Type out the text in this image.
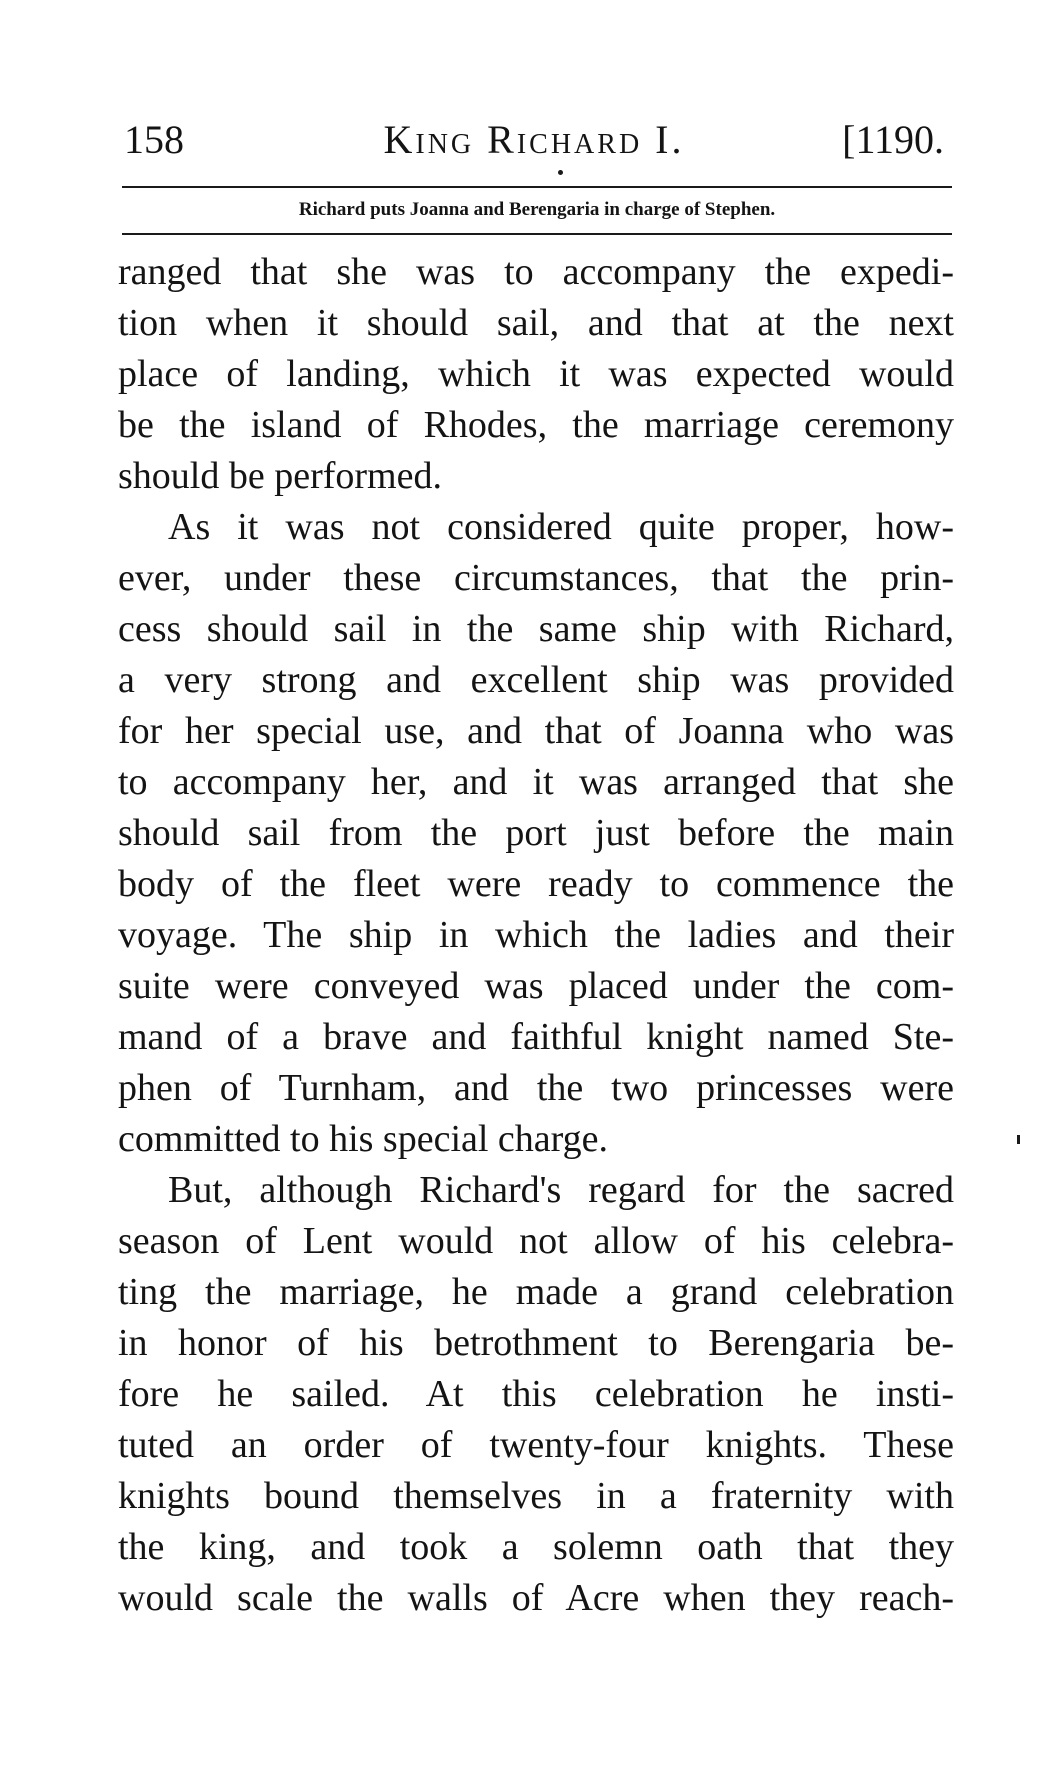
158	King Richard I.	[1190.
Richard puts Joanna and Berengaria in charge of Stephen.
ranged that she was to accompany the expedi-
tion when it should sail, and that at the next
place of landing, which it was expected would
be the island of Rhodes, the marriage ceremony
should be performed.
As it was not considered quite proper, how-
ever, under these circumstances, that the prin-
cess should sail in the same ship with Richard,
a very strong and excellent ship was provided
for her special use, and that of Joanna who was
to accompany her, and it was arranged that she
should sail from the port just before the main
body of the fleet were ready to commence the
voyage. The ship in which the ladies and their
suite were conveyed was placed under the com-
mand of a brave and faithful knight named Ste-
phen of Turnham, and the two princesses were
committed to his special charge.
But, although Richard's regard for the sacred
season of Lent would not allow of his celebra-
ting the marriage, he made a grand celebration
in honor of his betrothment to Berengaria be-
fore he sailed. At this celebration he insti-
tuted an order of twenty-four knights. These
knights bound themselves in a fraternity with
the king, and took a solemn oath that they
would scale the walls of Acre when they reach-
